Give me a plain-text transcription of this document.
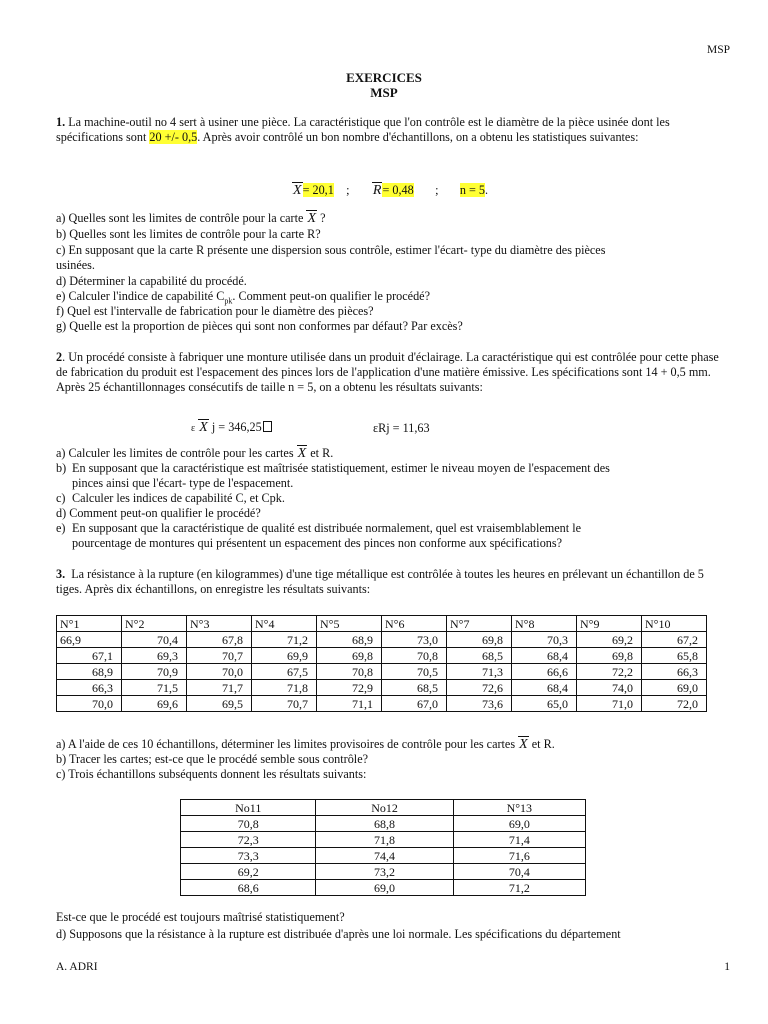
MSP
EXERCICES
MSP
1. La machine-outil no 4 sert à usiner une pièce. La caractéristique que l'on contrôle est le diamètre de la pièce usinée dont les spécifications sont 20 +/- 0,5. Après avoir contrôlé un bon nombre d'échantillons, on a obtenu les statistiques suivantes:
X= 20,1 ; R= 0,48 ; n = 5.
a) Quelles sont les limites de contrôle pour la carte X ?
b) Quelles sont les limites de contrôle pour la carte R?
c) En supposant que la carte R présente une dispersion sous contrôle, estimer l'écart- type du diamètre des pièces
usinées.
d) Déterminer la capabilité du procédé.
e) Calculer l'indice de capabilité $C_{pk}$. Comment peut-on qualifier le procédé?
f) Quel est l'intervalle de fabrication pour le diamètre des pièces?
g) Quelle est la proportion de pièces qui sont non conformes par défaut? Par excès?
2. Un procédé consiste à fabriquer une monture utilisée dans un produit d'éclairage. La caractéristique qui est contrôlée pour cette phase de fabrication du produit est l'espacement des pinces lors de l'application d'une matière émissive. Les spécifications sont 14 + 0,5 mm. Après 25 échantillonnages consécutifs de taille n = 5, on a obtenu les résultats suivants:
ε X j = 346,25	εRj = 11,63
a) Calculer les limites de contrôle pour les cartes X et R.
b) En supposant que la caractéristique est maîtrisée statistiquement, estimer le niveau moyen de l'espacement des
pinces ainsi que l'écart- type de l'espacement.
c) Calculer les indices de capabilité C, et Cpk.
d) Comment peut-on qualifier le procédé?
e) En supposant que la caractéristique de qualité est distribuée normalement, quel est vraisemblablement le
pourcentage de montures qui présentent un espacement des pinces non conforme aux spécifications?
3. La résistance à la rupture (en kilogrammes) d'une tige métallique est contrôlée à toutes les heures en prélevant un échantillon de 5 tiges. Après dix échantillons, on enregistre les résultats suivants:
N°1	N°2	N°3	N°4	N°5	N°6	N°7	N°8	N°9	N°10
66,9	70,4	67,8	71,2	68,9	73,0	69,8	70,3	69,2	67,2
67,1	69,3	70,7	69,9	69,8	70,8	68,5	68,4	69,8	65,8
68,9	70,9	70,0	67,5	70,8	70,5	71,3	66,6	72,2	66,3
66,3	71,5	71,7	71,8	72,9	68,5	72,6	68,4	74,0	69,0
70,0	69,6	69,5	70,7	71,1	67,0	73,6	65,0	71,0	72,0
a) A l'aide de ces 10 échantillons, déterminer les limites provisoires de contrôle pour les cartes X et R.
b) Tracer les cartes; est-ce que le procédé semble sous contrôle?
c) Trois échantillons subséquents donnent les résultats suivants:
No11	No12	N°13
70,8	68,8	69,0
72,3	71,8	71,4
73,3	74,4	71,6
69,2	73,2	70,4
68,6	69,0	71,2
Est-ce que le procédé est toujours maîtrisé statistiquement?
d) Supposons que la résistance à la rupture est distribuée d'après une loi normale. Les spécifications du département
A. ADRI	1
